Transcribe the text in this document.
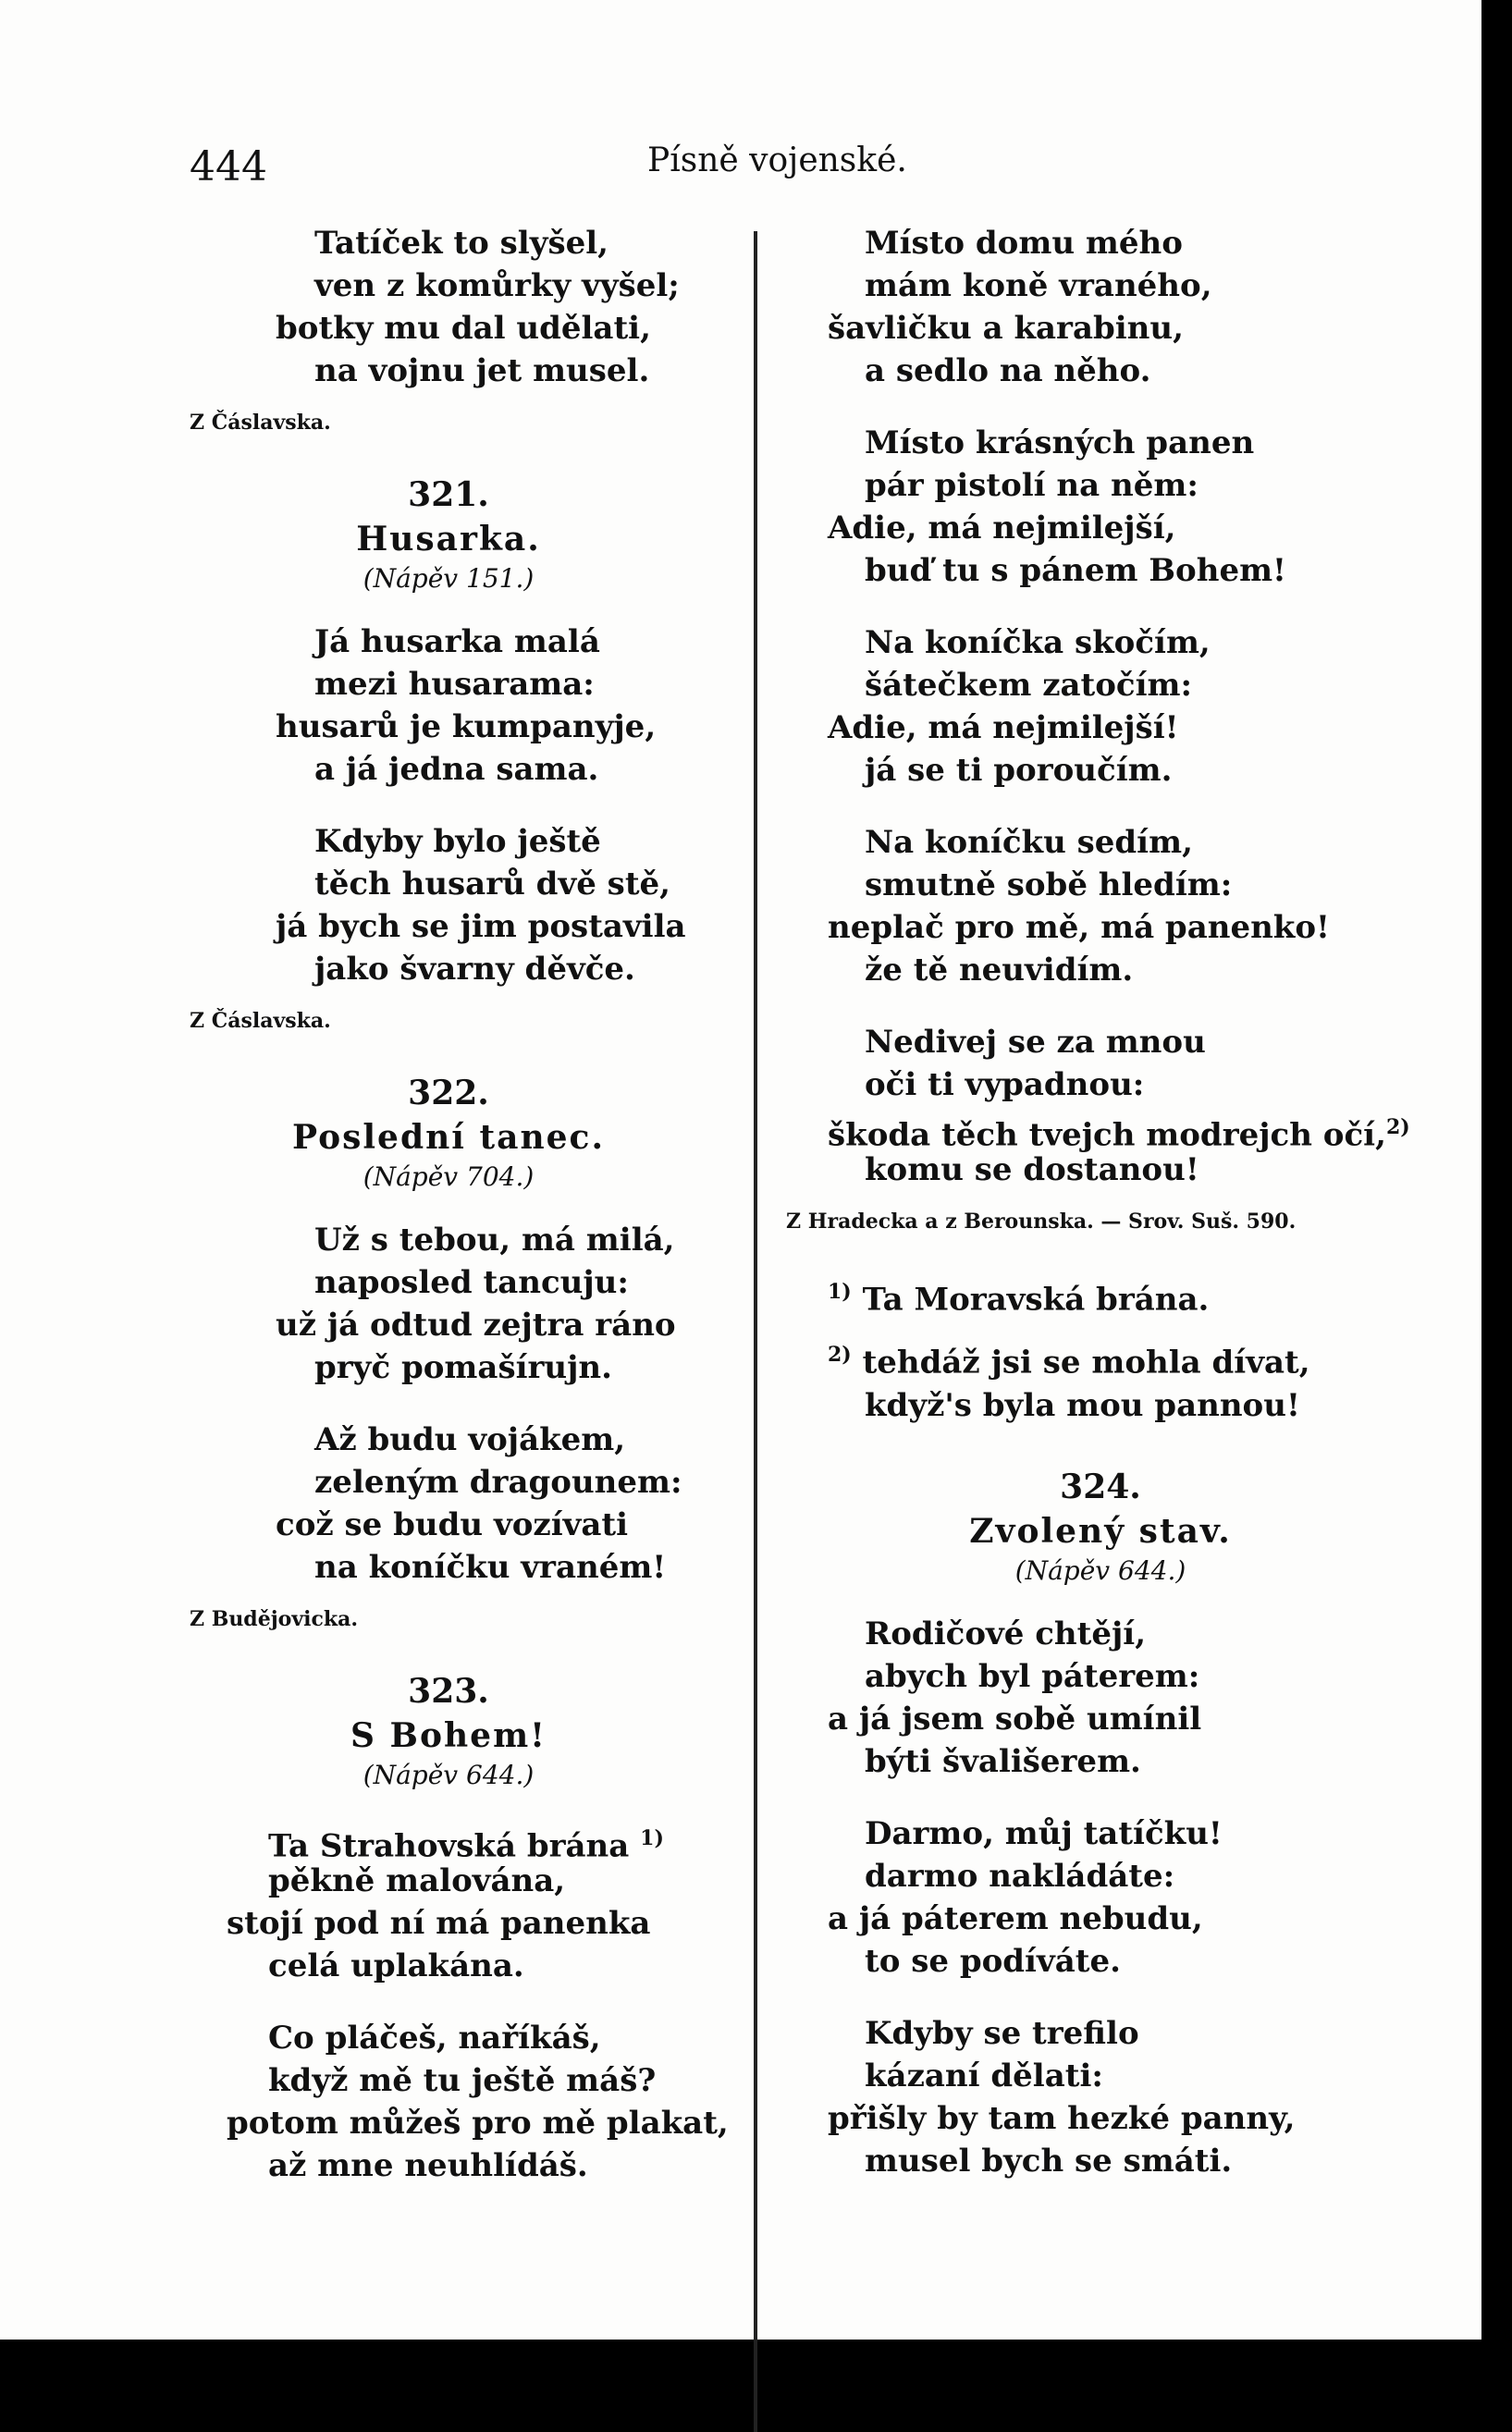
444	Písně vojenské.
Tatíček to slyšel,
ven z komůrky vyšel;
botky mu dal udělati,
na vojnu jet musel.
Z Čáslavska.
321.
Husarka.
(Nápěv 151.)
Já husarka malá
mezi husarama:
husarů je kumpanyje,
a já jedna sama.
Kdyby bylo ještě
těch husarů dvě stě,
já bych se jim postavila
jako švarny děvče.
Z Čáslavska.
322.
Poslední tanec.
(Nápěv 704.)
Už s tebou, má milá,
naposled tancuju:
už já odtud zejtra ráno
pryč pomašírujn.
Až budu vojákem,
zeleným dragounem:
což se budu vozívati
na koníčku vraném!
Z Budějovicka.
323.
S Bohem!
(Nápěv 644.)
Ta Strahovská brána $^{1)}$
pěkně malována,
stojí pod ní má panenka
celá uplakána.
Co pláčeš, naříkáš,
když mě tu ještě máš?
potom můžeš pro mě plakat,
až mne neuhlídáš.
Místo domu mého
mám koně vraného,
šavličku a karabinu,
a sedlo na něho.
Místo krásných panen
pár pistolí na něm:
Adie, má nejmilejší,
buď tu s pánem Bohem!
Na koníčka skočím,
šátečkem zatočím:
Adie, má nejmilejší!
já se ti poroučím.
Na koníčku sedím,
smutně sobě hledím:
neplač pro mě, má panenko!
že tě neuvidím.
Nedivej se za mnou
oči ti vypadnou:
škoda těch tvejch modrejch očí,$^{2)}$
komu se dostanou!
Z Hradecka a z Berounska. — Srov. Suš. 590.
$^{1)}$ Ta Moravská brána.
$^{2)}$ tehdáž jsi se mohla dívat,
když's byla mou pannou!
324.
Zvolený stav.
(Nápěv 644.)
Rodičové chtějí,
abych byl páterem:
a já jsem sobě umínil
býti švališerem.
Darmo, můj tatíčku!
darmo nakládáte:
a já páterem nebudu,
to se podíváte.
Kdyby se trefilo
kázaní dělati:
přišly by tam hezké panny,
musel bych se smáti.
